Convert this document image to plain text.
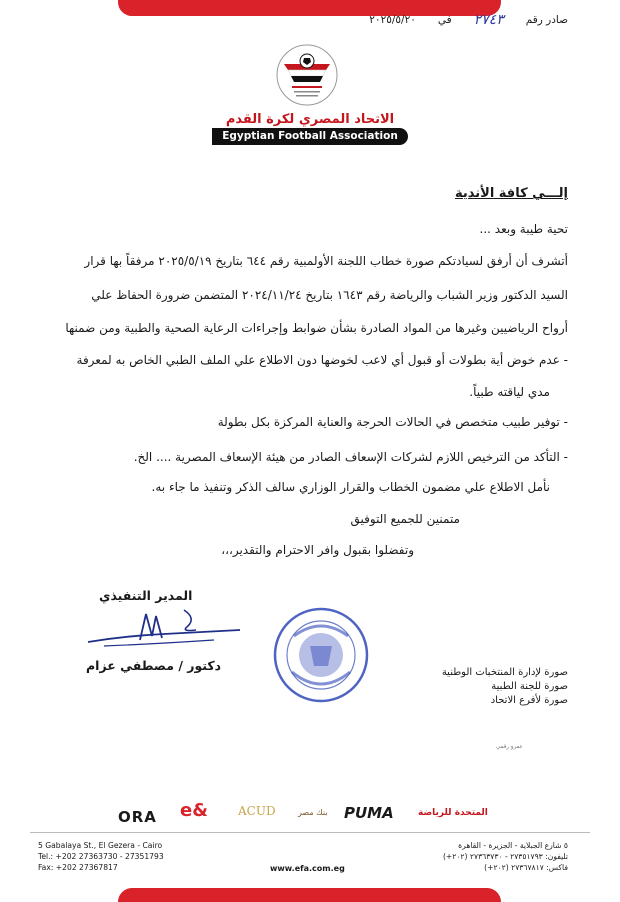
صادر رقم
٢٧٤٣
في
٢٠٢٥/٥/٢٠
الاتحاد المصري لكرة القدم
Egyptian Football Association
إلـــي كافة الأندية
تحية طيبة وبعد ...
أتشرف أن أرفق لسيادتكم صورة خطاب اللجنة الأولمبية رقم ٦٤٤ بتاريخ ٢٠٢٥/٥/١٩ مرفقاً بها قرار
السيد الدكتور وزير الشباب والرياضة رقم ١٦٤٣ بتاريخ ٢٠٢٤/١١/٢٤ المتضمن ضرورة الحفاظ علي
أرواح الرياضيين وغيرها من المواد الصادرة بشأن ضوابط وإجراءات الرعاية الصحية والطبية ومن ضمنها
- عدم خوض أية بطولات أو قبول أي لاعب لخوضها دون الاطلاع علي الملف الطبي الخاص به لمعرفة
مدي لياقته طبياً.
- توفير طبيب متخصص في الحالات الحرجة والعناية المركزة بكل بطولة
- التأكد من الترخيص اللازم لشركات الإسعاف الصادر من هيئة الإسعاف المصرية .... الخ.
نأمل الاطلاع علي مضمون الخطاب والقرار الوزاري سالف الذكر وتنفيذ ما جاء به.
متمنين للجميع التوفيق
وتفضلوا بقبول وافر الاحترام والتقدير،،،
المدير التنفيذي
دكتور / مصطفي عزام	صورة لإدارة المنتخبات الوطنية
صورة للجنة الطبية
صورة لأفرع الاتحاد
عمرو رقمي
ORA e&	ACUD	بنك مصر PUMA	المتحدة للرياضة
5 Gabalaya St., El Gezera - Cairo
Tel.: +202 27363730 - 27351793
Fax: +202 27367817	www.efa.com.eg
٥ شارع الجبلاية - الجزيرة - القاهرة
تليفون: ٢٧٣٥١٧٩٣ - ٢٧٣٦٣٧٣٠ (٢٠٢+)
فاكس: ٢٧٣٦٧٨١٧ (٢٠٢+)
